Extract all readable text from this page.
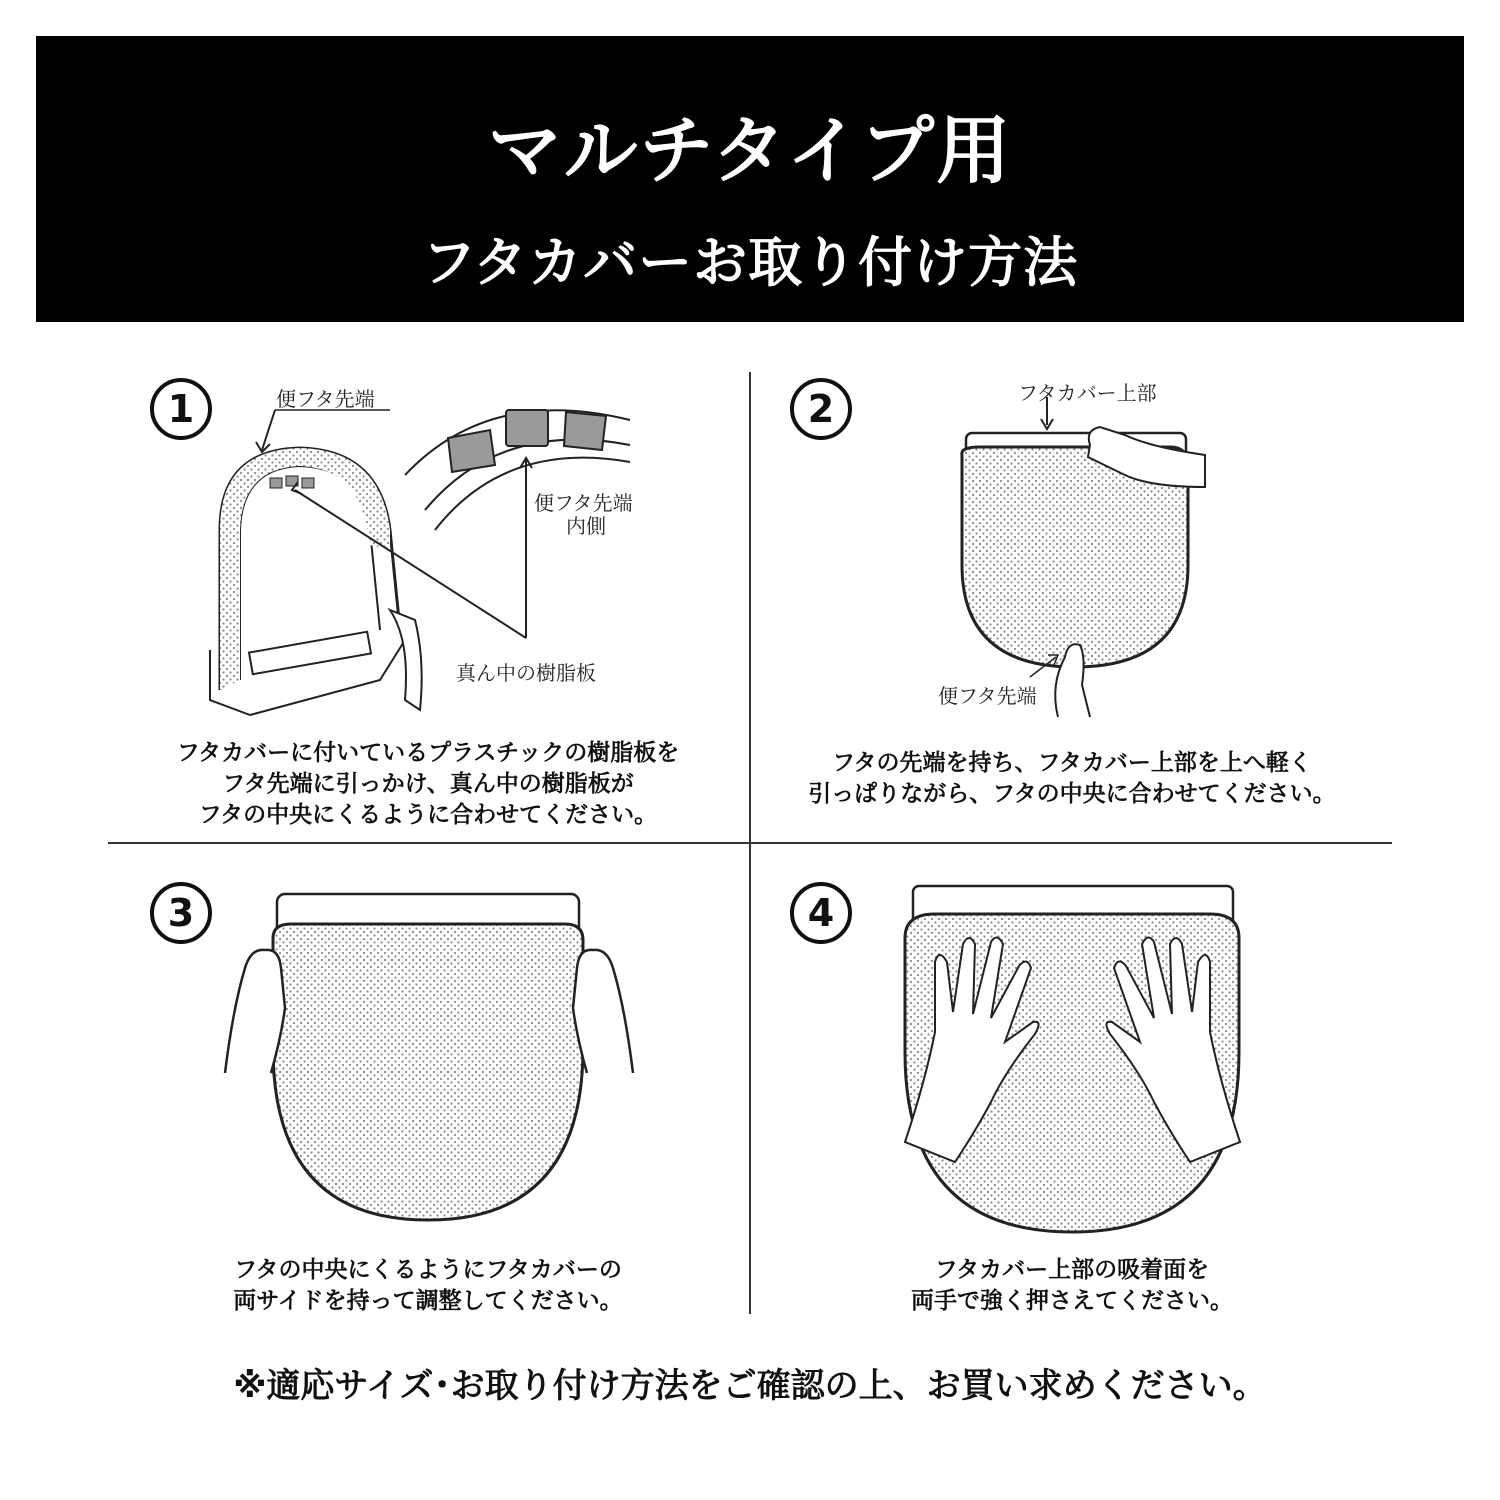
マルチタイプ用
フタカバーお取り付け方法
1	便フタ先端
便フタ先端
内側
真ん中の樹脂板
フタカバーに付いているプラスチックの樹脂板を
フタ先端に引っかけ、真ん中の樹脂板が
フタの中央にくるように合わせてください。
2	フタカバー上部
便フタ先端
フタの先端を持ち、フタカバー上部を上へ軽く
引っぱりながら、フタの中央に合わせてください。
3
フタの中央にくるようにフタカバーの
両サイドを持って調整してください。
4
フタカバー上部の吸着面を
両手で強く押さえてください。
※適応サイズ･お取り付け方法をご確認の上、お買い求めください。
